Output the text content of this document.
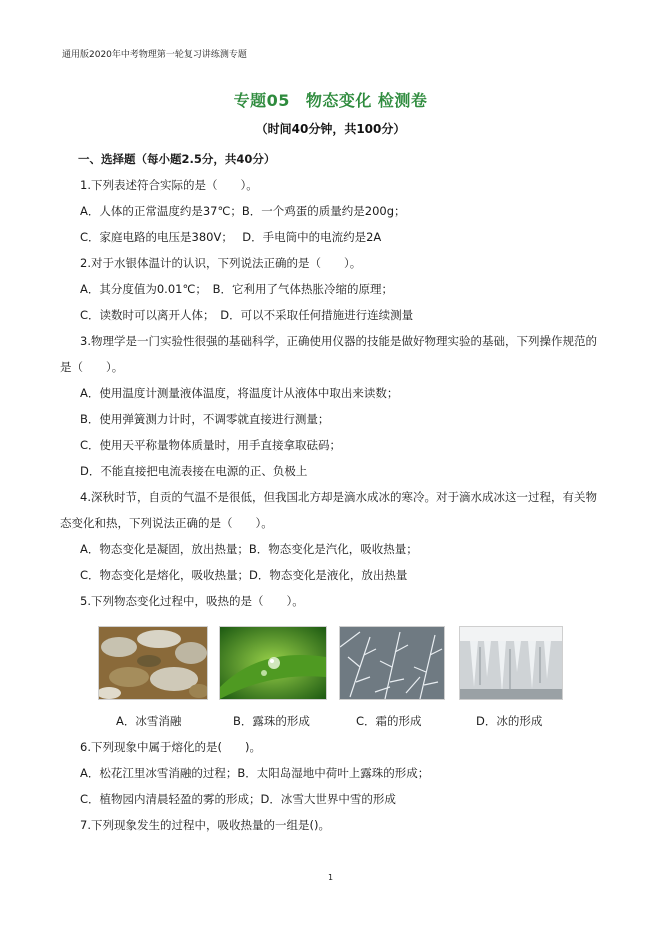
通用版2020年中考物理第一轮复习讲练测专题
专题05 物态变化 检测卷
（时间40分钟，共100分）
一、选择题（每小题2.5分，共40分）
1.下列表述符合实际的是（　　）。
A．人体的正常温度约是37℃；B．一个鸡蛋的质量约是200g；
C．家庭电路的电压是380V；　 D．手电筒中的电流约是2A
2.对于水银体温计的认识，下列说法正确的是（　　）。
A．其分度值为0.01℃；　B．它利用了气体热胀冷缩的原理；
C．读数时可以离开人体；　D．可以不采取任何措施进行连续测量
3.物理学是一门实验性很强的基础科学，正确使用仪器的技能是做好物理实验的基础，下列操作规范的
是（　　）。
A．使用温度计测量液体温度，将温度计从液体中取出来读数；
B．使用弹簧测力计时，不调零就直接进行测量；
C．使用天平称量物体质量时，用手直接拿取砝码；
D．不能直接把电流表接在电源的正、负极上
4.深秋时节，自贡的气温不是很低，但我国北方却是滴水成冰的寒冷。对于滴水成冰这一过程，有关物
态变化和热，下列说法正确的是（　　）。
A．物态变化是凝固，放出热量；B．物态变化是汽化，吸收热量；
C．物态变化是熔化，吸收热量；D．物态变化是液化，放出热量
5.下列物态变化过程中，吸热的是（　　）。
A．冰雪消融	B．露珠的形成	C．霜的形成	D．冰的形成
6.下列现象中属于熔化的是(　　)。
A．松花江里冰雪消融的过程；B．太阳岛湿地中荷叶上露珠的形成；
C．植物园内清晨轻盈的雾的形成；D．冰雪大世界中雪的形成
7.下列现象发生的过程中，吸收热量的一组是()。
1
